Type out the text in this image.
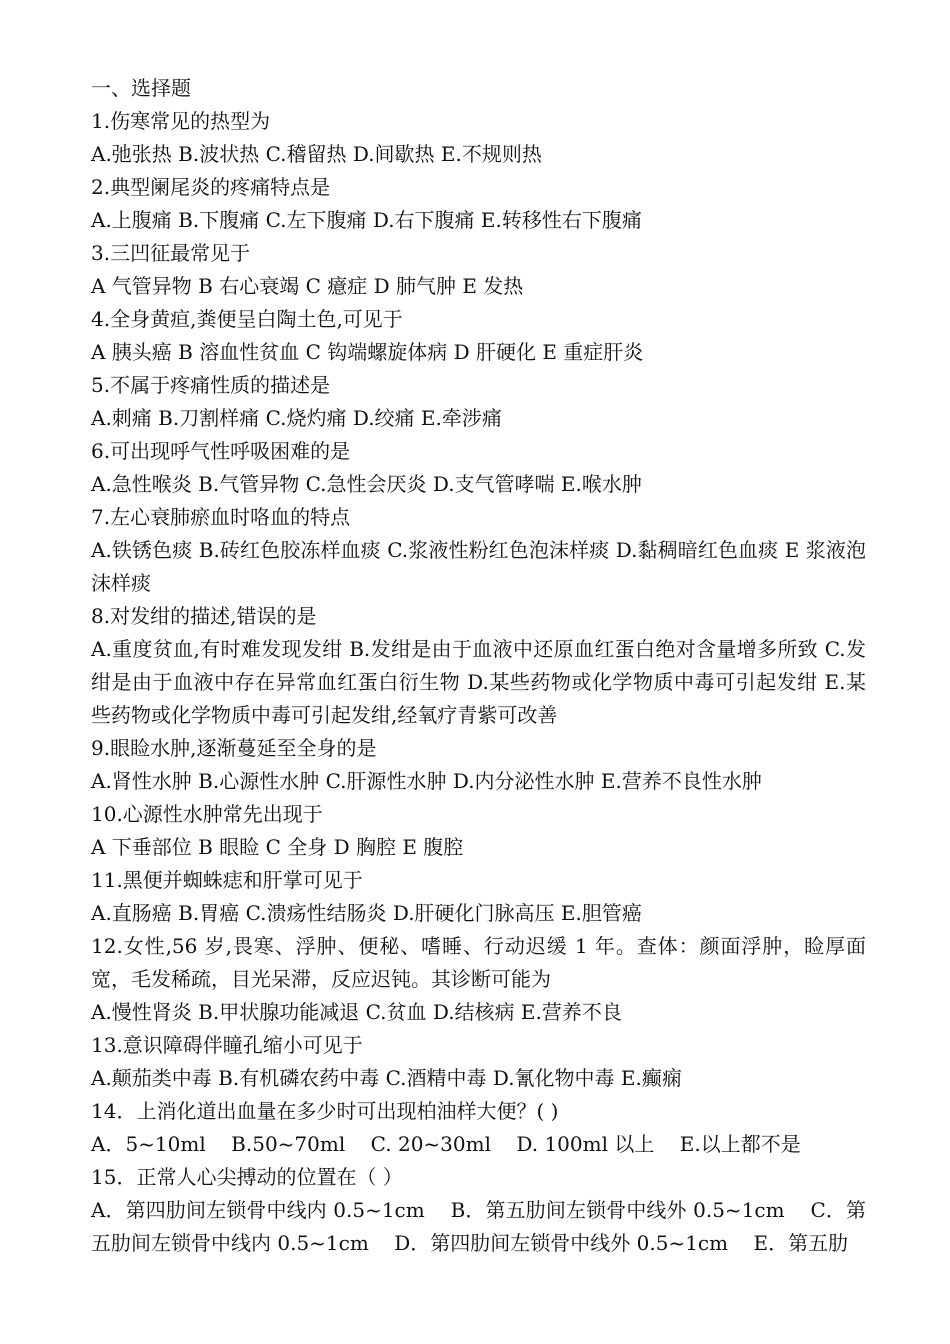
一、选择题
1.伤寒常见的热型为
A.弛张热 B.波状热 C.稽留热 D.间歇热 E.不规则热
2.典型阑尾炎的疼痛特点是
A.上腹痛 B.下腹痛 C.左下腹痛 D.右下腹痛 E.转移性右下腹痛
3.三凹征最常见于
A 气管异物 B 右心衰竭 C 癔症 D 肺气肿 E 发热
4.全身黄疸,粪便呈白陶土色,可见于
A 胰头癌 B 溶血性贫血 C 钩端螺旋体病 D 肝硬化 E 重症肝炎
5.不属于疼痛性质的描述是
A.刺痛 B.刀割样痛 C.烧灼痛 D.绞痛 E.牵涉痛
6.可出现呼气性呼吸困难的是
A.急性喉炎 B.气管异物 C.急性会厌炎 D.支气管哮喘 E.喉水肿
7.左心衰肺瘀血时咯血的特点
A.铁锈色痰 B.砖红色胶冻样血痰 C.浆液性粉红色泡沫样痰 D.黏稠暗红色血痰 E 浆液泡沫样痰
8.对发绀的描述,错误的是
A.重度贫血,有时难发现发绀 B.发绀是由于血液中还原血红蛋白绝对含量增多所致 C.发绀是由于血液中存在异常血红蛋白衍生物 D.某些药物或化学物质中毒可引起发绀 E.某些药物或化学物质中毒可引起发绀,经氧疗青紫可改善
9.眼睑水肿,逐渐蔓延至全身的是
A.肾性水肿 B.心源性水肿 C.肝源性水肿 D.内分泌性水肿 E.营养不良性水肿
10.心源性水肿常先出现于
A 下垂部位 B 眼睑 C 全身 D 胸腔 E 腹腔
11.黑便并蜘蛛痣和肝掌可见于
A.直肠癌 B.胃癌 C.溃疡性结肠炎 D.肝硬化门脉高压 E.胆管癌
12.女性,56 岁,畏寒、浮肿、便秘、嗜睡、行动迟缓 1 年。查体：颜面浮肿，睑厚面宽，毛发稀疏，目光呆滞，反应迟钝。其诊断可能为
A.慢性肾炎 B.甲状腺功能减退 C.贫血 D.结核病 E.营养不良
13.意识障碍伴瞳孔缩小可见于
A.颠茄类中毒 B.有机磷农药中毒 C.酒精中毒 D.氰化物中毒 E.癫痫
14．上消化道出血量在多少时可出现柏油样大便？( )
A．5~10ml    B.50~70ml    C. 20~30ml    D. 100ml 以上    E.以上都不是
15．正常人心尖搏动的位置在（ ）
A．第四肋间左锁骨中线内 0.5~1cm    B．第五肋间左锁骨中线外 0.5~1cm    C．第五肋间左锁骨中线内 0.5~1cm    D．第四肋间左锁骨中线外 0.5~1cm    E．第五肋
